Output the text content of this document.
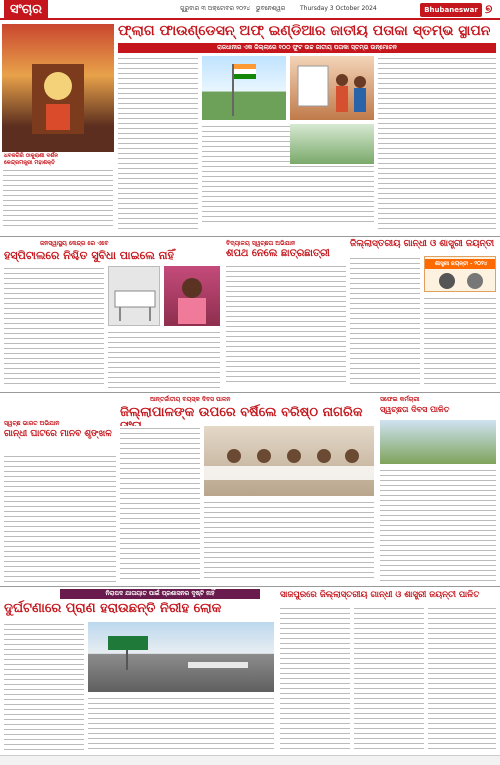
ସଂଚାର	ଗୁରୁବାର ୩ ଅକ୍ଟୋବର ୨୦୨୪ ଭୁବନେଶ୍ୱର Thursday 3 October 2024	Bhubaneswar ୭
ଫ୍ଲାଗ ଫାଉଣ୍ଡେସନ୍ ଅଫ୍ ଇଣ୍ଡିଆର ଜାତୀୟ ପତାକା ସ୍ତମ୍ଭ ସ୍ଥାପନ
ରାଜଧାନୀର ଏକ ଜିଲ୍ଲାରେ ୧୦୦ ଫୁଟ ଉଚ୍ଚ ଜାତୀୟ ପତାକା ସ୍ତମ୍ଭ ଉନ୍ମୋଚନ
ଧବଳଗିରି ଠାକୁରାଣୀ ଦର୍ଶନ
କେନ୍ଦ୍ରମନ୍ତ୍ରୀ ମହାଶକ୍ତି
ଜନସ୍ୱାସ୍ଥ୍ୟ କେନ୍ଦ୍ର ରେ ଏବେ
ହସ୍ପିଟାଲରେ ନିଶ୍ଚିତ ସୁବିଧା ପାଇଲେ ନାହିଁ
ବିଦ୍ୟାଳୟ ସ୍ୱଚ୍ଛତା ଅଭିଯାନ
ଶପଥ ନେଲେ ଛାତ୍ରଛାତ୍ରୀ
ଜିଲ୍ଲାସ୍ତରୀୟ ଗାନ୍ଧୀ ଓ ଶାସ୍ତ୍ରୀ ଜୟନ୍ତୀ
ଶାସ୍ତ୍ରୀ ଜୟନ୍ତୀ - ୨୦୨୪
ଆନ୍ତର୍ଜାତୀୟ ବୟସ୍କ ଦିବସ ପାଳନ
ଜିଲ୍ଲାପାଳଙ୍କ ଉପରେ ବର୍ଷିଲେ ବରିଷ୍ଠ ନାଗରିକ
ସ୍ୱଚ୍ଛ ଭାରତ ଅଭିଯାନ
ଗାନ୍ଧୀ ଘାଟରେ ମାନବ ଶୃଙ୍ଖଳ
ସଫେଇ କର୍ମଚାରୀ
ସ୍ୱଚ୍ଛତା ଦିବସ ପାଳିତ
ନିରାପଦ ଯାତାୟାତ ପାଇଁ ପ୍ରଶାସନର ଦୃଷ୍ଟି ନାହିଁ
ଦୁର୍ଘଟଣାରେ ପ୍ରାଣ ହରାଉଛନ୍ତି ନିରୀହ ଲୋକ
ସାଜପୁରରେ ଜିଲ୍ଲାସ୍ତରୀୟ ଗାନ୍ଧୀ ଓ ଶାସ୍ତ୍ରୀ ଜୟନ୍ତୀ ପାଳିତ
